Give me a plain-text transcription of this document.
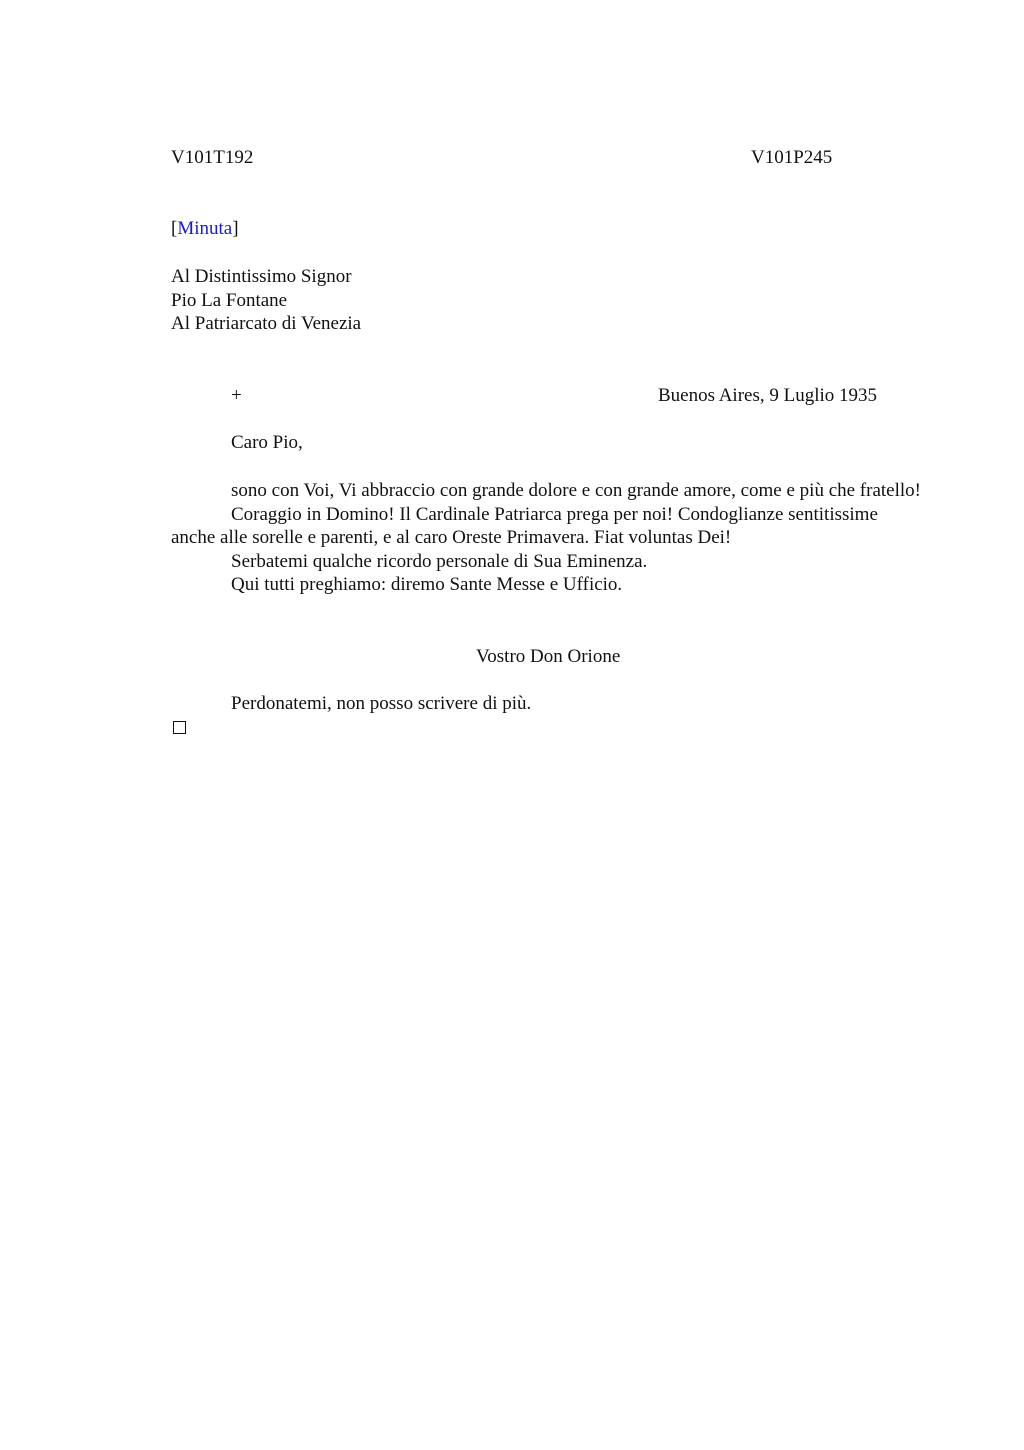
V101T192	V101P245
[Minuta]
Al Distintissimo Signor
Pio La Fontane
Al Patriarcato di Venezia
+	Buenos Aires, 9 Luglio 1935
Caro Pio,

sono con Voi, Vi abbraccio con grande dolore e con grande amore, come e più che fratello!

Coraggio in Domino! Il Cardinale Patriarca prega per noi! Condoglianze sentitissime anche alle sorelle e parenti, e al caro Oreste Primavera. Fiat voluntas Dei!

Serbatemi qualche ricordo personale di Sua Eminenza.

Qui tutti preghiamo: diremo Sante Messe e Ufficio.

Vostro Don Orione
Perdonatemi, non posso scrivere di più.
